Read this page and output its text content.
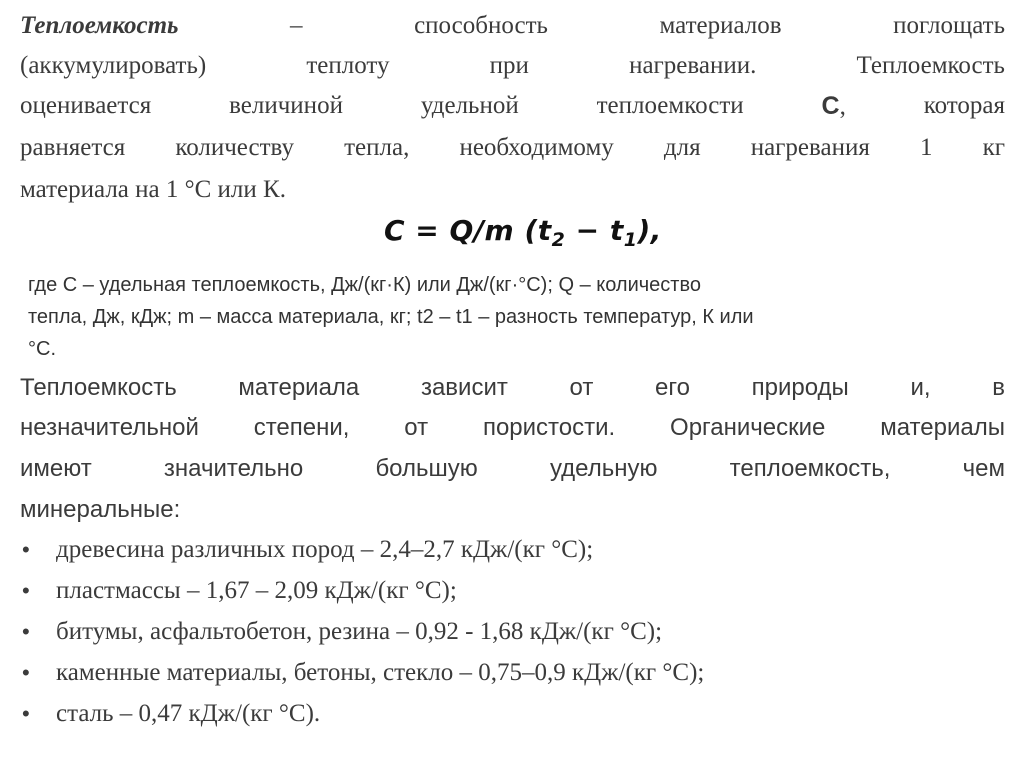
Теплоемкость	–	способность	материалов	поглощать
(аккумулировать)	теплоту	при	нагревании.	Теплоемкость
оценивается	величиной	удельной	теплоемкости	С,	которая
равняется количеству тепла, необходимому для нагревания 1 кг
материала на 1 °С или К.
C = Q/m $(t_2 - t_1)$,
где С – удельная теплоемкость, Дж/(кг·К) или Дж/(кг·°С); Q – количество
тепла, Дж, кДж; m – масса материала, кг; t2 – t1 – разность температур, К или
°С.
Теплоемкость	материала	зависит	от	его	природы	и,	в
незначительной степени, от пористости. Органические материалы
имеют	значительно	большую	удельную	теплоемкость,	чем
минеральные:
•	древесина различных пород – 2,4–2,7 кДж/(кг °С);
•	пластмассы – 1,67 – 2,09 кДж/(кг °С);
•	битумы, асфальтобетон, резина – 0,92 - 1,68 кДж/(кг °С);
•	каменные материалы, бетоны, стекло – 0,75–0,9 кДж/(кг °С);
•	сталь – 0,47 кДж/(кг °С).
